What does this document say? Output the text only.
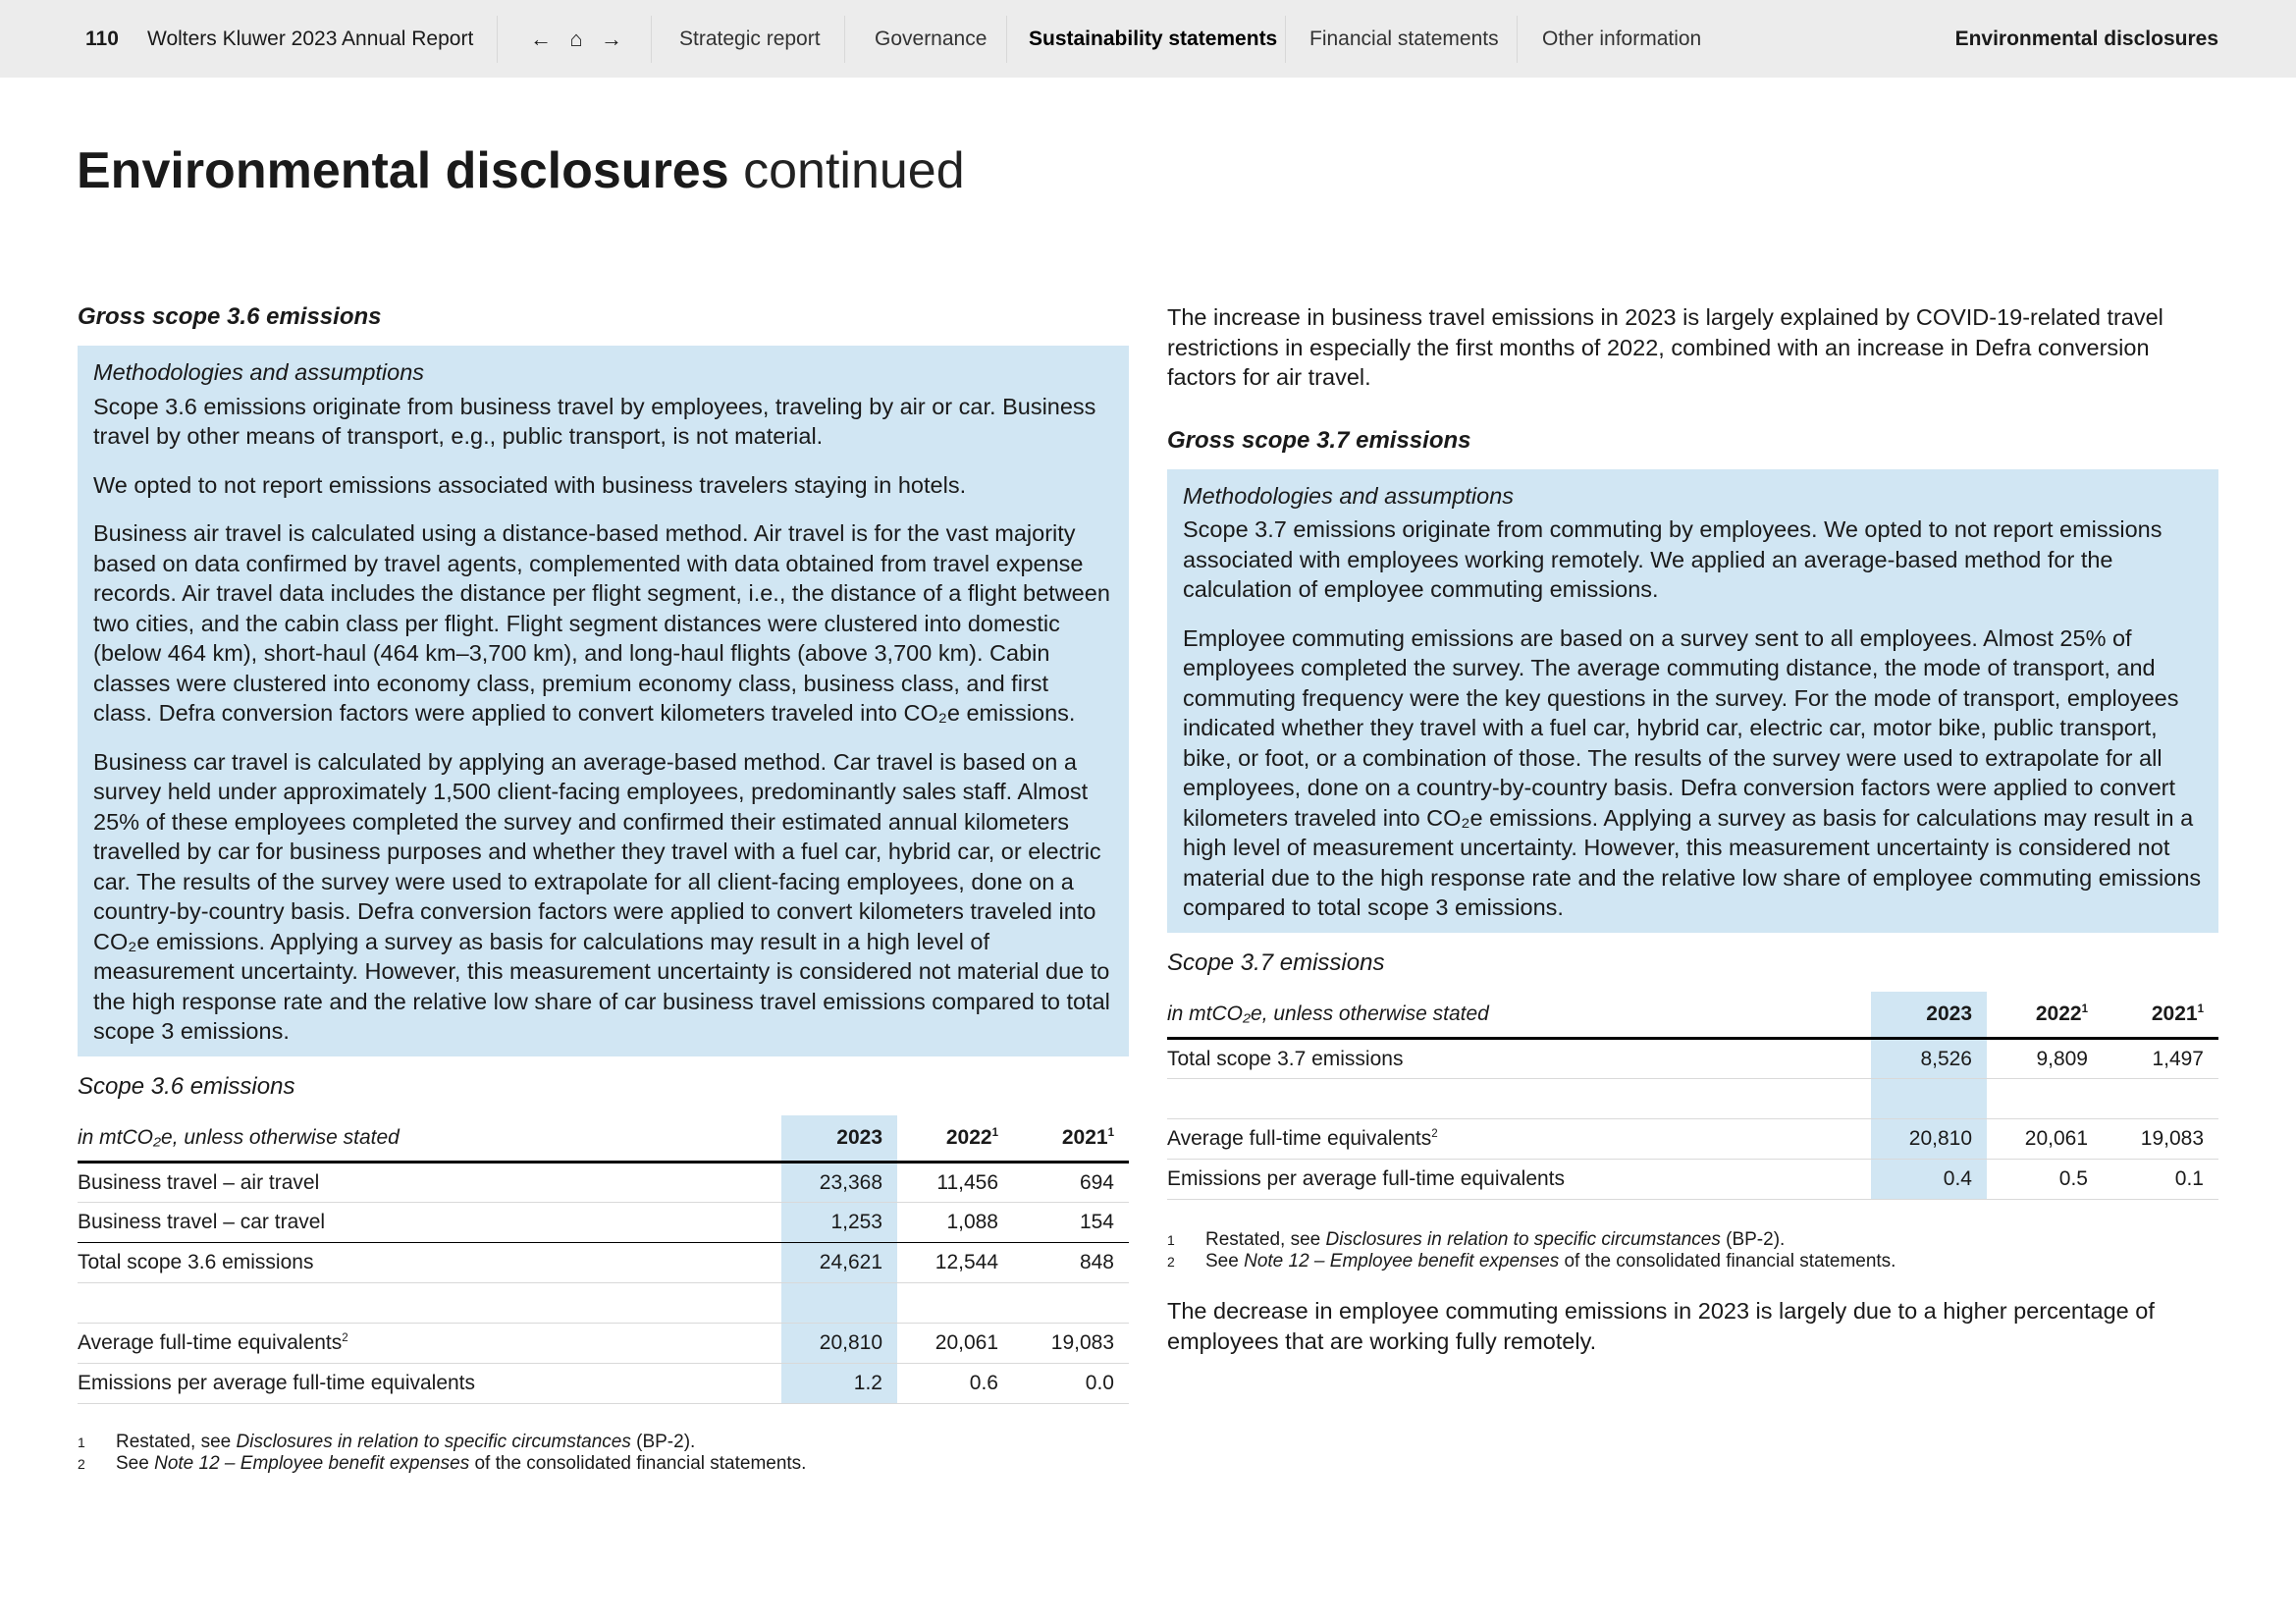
110 Wolters Kluwer 2023 Annual Report	← ⌂ →	Strategic report	Governance Sustainability statements Financial statements Other information	Environmental disclosures
Environmental disclosures continued
Gross scope 3.6 emissions
Methodologies and assumptions

Scope 3.6 emissions originate from business travel by employees, traveling by air or car. Business travel by other means of transport, e.g., public transport, is not material.

We opted to not report emissions associated with business travelers staying in hotels.

Business air travel is calculated using a distance-based method. Air travel is for the vast majority based on data confirmed by travel agents, complemented with data obtained from travel expense records. Air travel data includes the distance per flight segment, i.e., the distance of a flight between two cities, and the cabin class per flight. Flight segment distances were clustered into domestic (below 464 km), short-haul (464 km–3,700 km), and long-haul flights (above 3,700 km). Cabin classes were clustered into economy class, premium economy class, business class, and first class. Defra conversion factors were applied to convert kilometers traveled into CO₂e emissions.

Business car travel is calculated by applying an average-based method. Car travel is based on a survey held under approximately 1,500 client-facing employees, predominantly sales staff. Almost 25% of these employees completed the survey and confirmed their estimated annual kilometers travelled by car for business purposes and whether they travel with a fuel car, hybrid car, or electric car. The results of the survey were used to extrapolate for all client-facing employees, done on a country-by-country basis. Defra conversion factors were applied to convert kilometers traveled into CO₂e emissions. Applying a survey as basis for calculations may result in a high level of measurement uncertainty. However, this measurement uncertainty is considered not material due to the high response rate and the relative low share of car business travel emissions compared to total scope 3 emissions.

Scope 3.6 emissions
in mtCO₂e, unless otherwise stated	2023	2022$^1$	2021$^1$
Business travel – air travel	23,368	11,456	694
Business travel – car travel	1,253	1,088	154
Total scope 3.6 emissions	24,621	12,544	848

Average full-time equivalents$^2$	20,810	20,061	19,083
Emissions per average full-time equivalents	1.2	0.6	0.0
1	Restated, see Disclosures in relation to specific circumstances (BP-2).
2	See Note 12 – Employee benefit expenses of the consolidated financial statements.

The increase in business travel emissions in 2023 is largely explained by COVID-19-related travel restrictions in especially the first months of 2022, combined with an increase in Defra conversion factors for air travel.

Gross scope 3.7 emissions
Methodologies and assumptions

Scope 3.7 emissions originate from commuting by employees. We opted to not report emissions associated with employees working remotely. We applied an average-based method for the calculation of employee commuting emissions.

Employee commuting emissions are based on a survey sent to all employees. Almost 25% of employees completed the survey. The average commuting distance, the mode of transport, and commuting frequency were the key questions in the survey. For the mode of transport, employees indicated whether they travel with a fuel car, hybrid car, electric car, motor bike, public transport, bike, or foot, or a combination of those. The results of the survey were used to extrapolate for all employees, done on a country-by-country basis. Defra conversion factors were applied to convert kilometers traveled into CO₂e emissions. Applying a survey as basis for calculations may result in a high level of measurement uncertainty. However, this measurement uncertainty is considered not material due to the high response rate and the relative low share of employee commuting emissions compared to total scope 3 emissions.

Scope 3.7 emissions
in mtCO₂e, unless otherwise stated	2023	2022$^1$	2021$^1$
Total scope 3.7 emissions	8,526	9,809	1,497

Average full-time equivalents$^2$	20,810	20,061	19,083
Emissions per average full-time equivalents	0.4	0.5	0.1
1	Restated, see Disclosures in relation to specific circumstances (BP-2).
2	See Note 12 – Employee benefit expenses of the consolidated financial statements.

The decrease in employee commuting emissions in 2023 is largely due to a higher percentage of employees that are working fully remotely.
